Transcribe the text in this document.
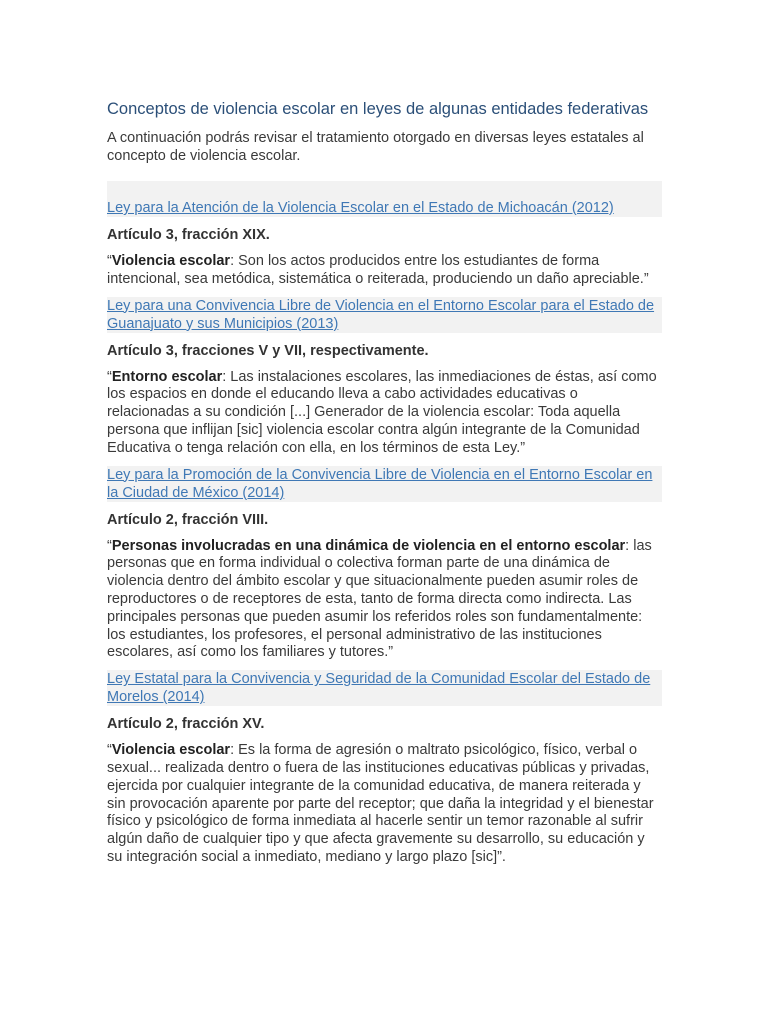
Conceptos de violencia escolar en leyes de algunas entidades federativas

A continuación podrás revisar el tratamiento otorgado en diversas leyes estatales al concepto de violencia escolar.

Ley para la Atención de la Violencia Escolar en el Estado de Michoacán (2012)
Artículo 3, fracción XIX.

“Violencia escolar: Son los actos producidos entre los estudiantes de forma intencional, sea metódica, sistemática o reiterada, produciendo un daño apreciable.”

Ley para una Convivencia Libre de Violencia en el Entorno Escolar para el Estado de Guanajuato y sus Municipios (2013)
Artículo 3, fracciones V y VII, respectivamente.

“Entorno escolar: Las instalaciones escolares, las inmediaciones de éstas, así como los espacios en donde el educando lleva a cabo actividades educativas o relacionadas a su condición [...] Generador de la violencia escolar: Toda aquella persona que inflijan [sic] violencia escolar contra algún integrante de la Comunidad Educativa o tenga relación con ella, en los términos de esta Ley.”

Ley para la Promoción de la Convivencia Libre de Violencia en el Entorno Escolar en la Ciudad de México (2014)
Artículo 2, fracción VIII.

“Personas involucradas en una dinámica de violencia en el entorno escolar: las personas que en forma individual o colectiva forman parte de una dinámica de violencia dentro del ámbito escolar y que situacionalmente pueden asumir roles de reproductores o de receptores de esta, tanto de forma directa como indirecta. Las principales personas que pueden asumir los referidos roles son fundamentalmente: los estudiantes, los profesores, el personal administrativo de las instituciones escolares, así como los familiares y tutores.”

Ley Estatal para la Convivencia y Seguridad de la Comunidad Escolar del Estado de Morelos (2014)
Artículo 2, fracción XV.

“Violencia escolar: Es la forma de agresión o maltrato psicológico, físico, verbal o sexual... realizada dentro o fuera de las instituciones educativas públicas y privadas, ejercida por cualquier integrante de la comunidad educativa, de manera reiterada y sin provocación aparente por parte del receptor; que daña la integridad y el bienestar físico y psicológico de forma inmediata al hacerle sentir un temor razonable al sufrir algún daño de cualquier tipo y que afecta gravemente su desarrollo, su educación y su integración social a inmediato, mediano y largo plazo [sic]”.
